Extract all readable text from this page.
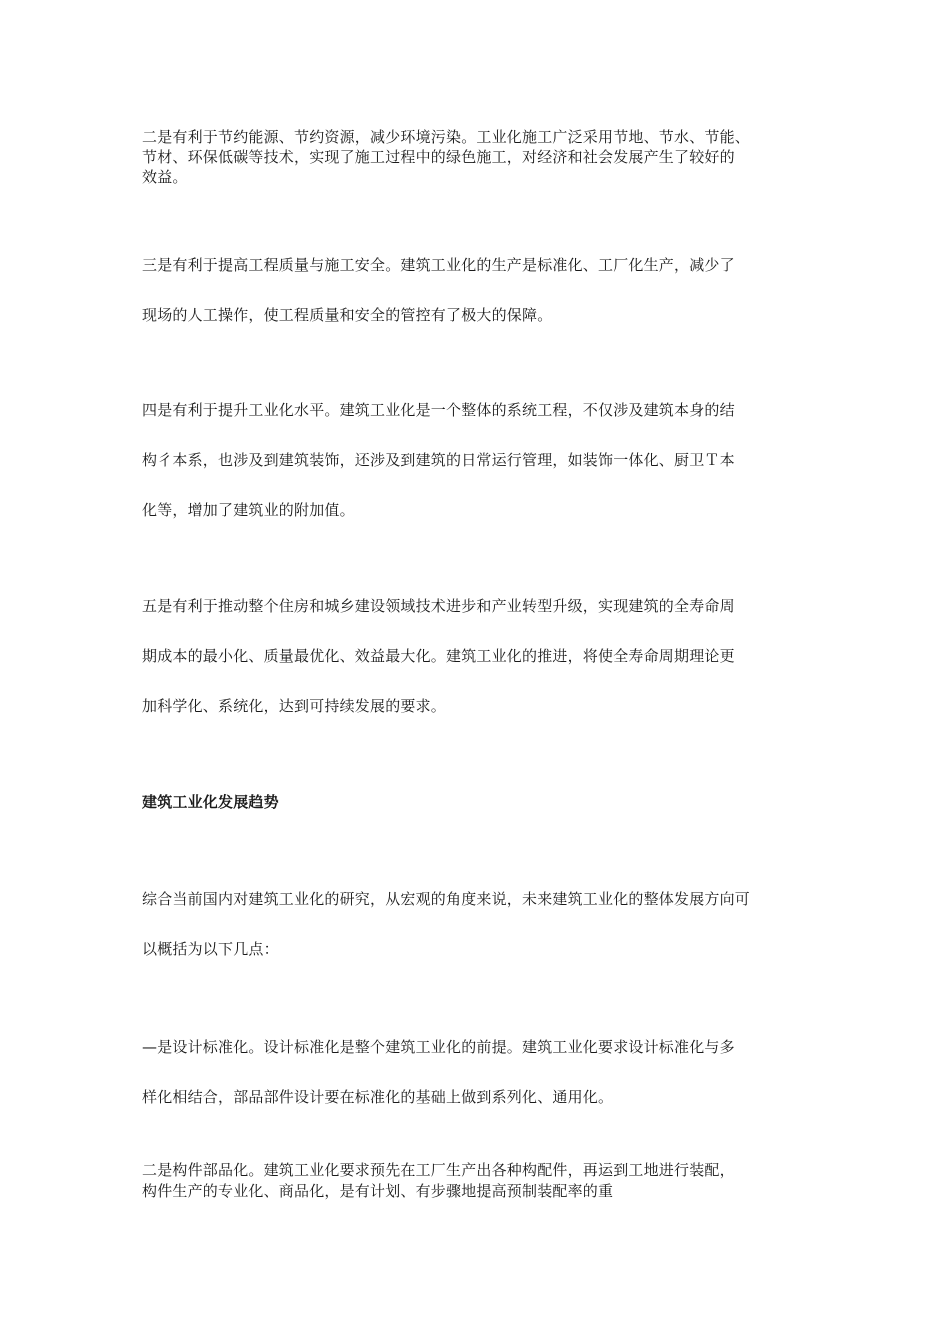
二是有利于节约能源、节约资源，减少环境污染。工业化施工广泛采用节地、节水、节能、
节材、环保低碳等技术，实现了施工过程中的绿色施工，对经济和社会发展产生了较好的
效益。
三是有利于提高工程质量与施工安全。建筑工业化的生产是标准化、工厂化生产，减少了
现场的人工操作，使工程质量和安全的管控有了极大的保障。
四是有利于提升工业化水平。建筑工业化是一个整体的系统工程，不仅涉及建筑本身的结
构彳本系，也涉及到建筑装饰，还涉及到建筑的日常运行管理，如装饰一体化、厨卫Ｔ本
化等，增加了建筑业的附加值。
五是有利于推动整个住房和城乡建设领域技术进步和产业转型升级，实现建筑的全寿命周
期成本的最小化、质量最优化、效益最大化。建筑工业化的推进，将使全寿命周期理论更
加科学化、系统化，达到可持续发展的要求。
建筑工业化发展趋势
综合当前国内对建筑工业化的研究，从宏观的角度来说，未来建筑工业化的整体发展方向可
以概括为以下几点：
—是设计标准化。设计标准化是整个建筑工业化的前提。建筑工业化要求设计标准化与多
样化相结合，部品部件设计要在标准化的基础上做到系列化、通用化。
二是构件部品化。建筑工业化要求预先在工厂生产出各种构配件，再运到工地进行装配，
构件生产的专业化、商品化，是有计划、有步骤地提高预制装配率的重
